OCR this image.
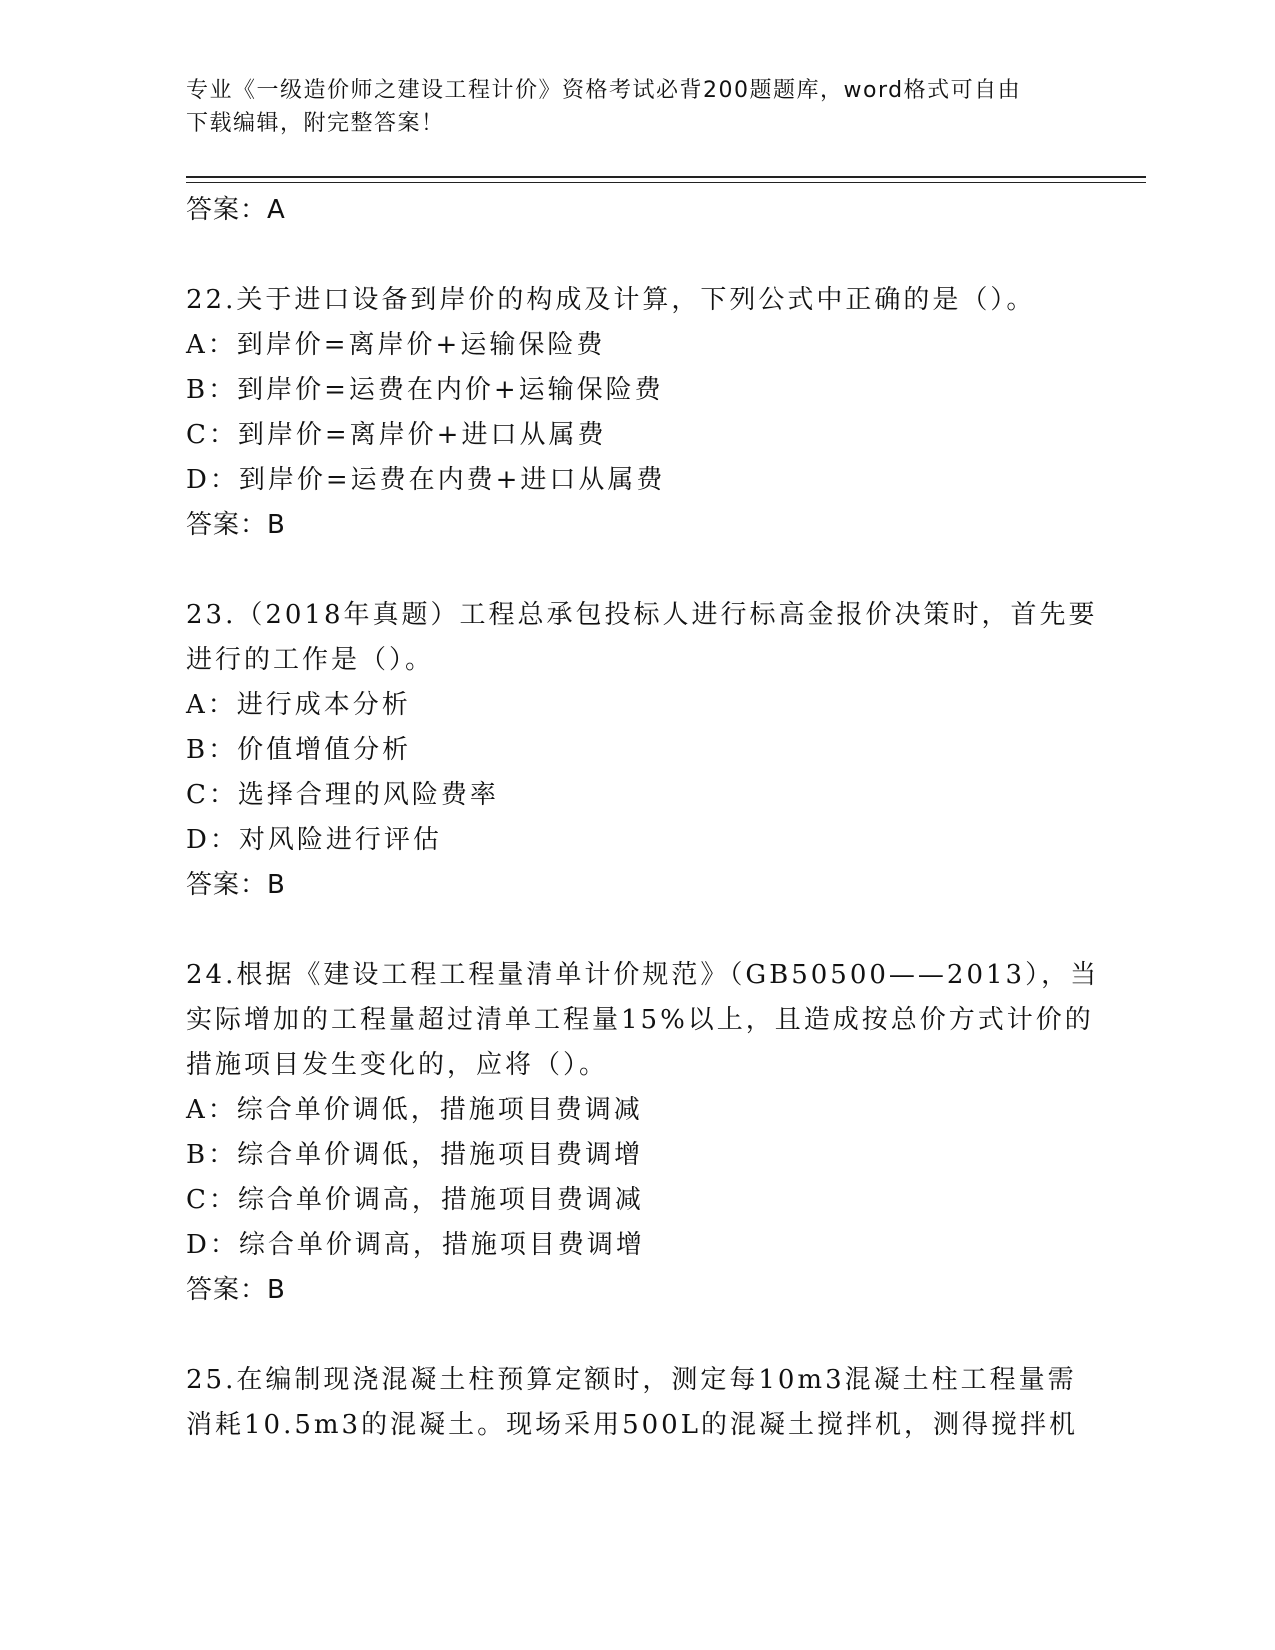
专业《一级造价师之建设工程计价》资格考试必背200题题库，word格式可自由
下载编辑，附完整答案！
答案：A
22.关于进口设备到岸价的构成及计算，下列公式中正确的是（）。
A：到岸价=离岸价+运输保险费
B：到岸价=运费在内价+运输保险费
C：到岸价=离岸价+进口从属费
D：到岸价=运费在内费+进口从属费
答案：B
23.（2018年真题）工程总承包投标人进行标高金报价决策时，首先要
进行的工作是（）。
A：进行成本分析
B：价值增值分析
C：选择合理的风险费率
D：对风险进行评估
答案：B
24.根据《建设工程工程量清单计价规范》（GB50500——2013），当
实际增加的工程量超过清单工程量15%以上，且造成按总价方式计价的
措施项目发生变化的，应将（）。
A：综合单价调低，措施项目费调减
B：综合单价调低，措施项目费调增
C：综合单价调高，措施项目费调减
D：综合单价调高，措施项目费调增
答案：B
25.在编制现浇混凝土柱预算定额时，测定每10m3混凝土柱工程量需
消耗10.5m3的混凝土。现场采用500L的混凝土搅拌机，测得搅拌机
